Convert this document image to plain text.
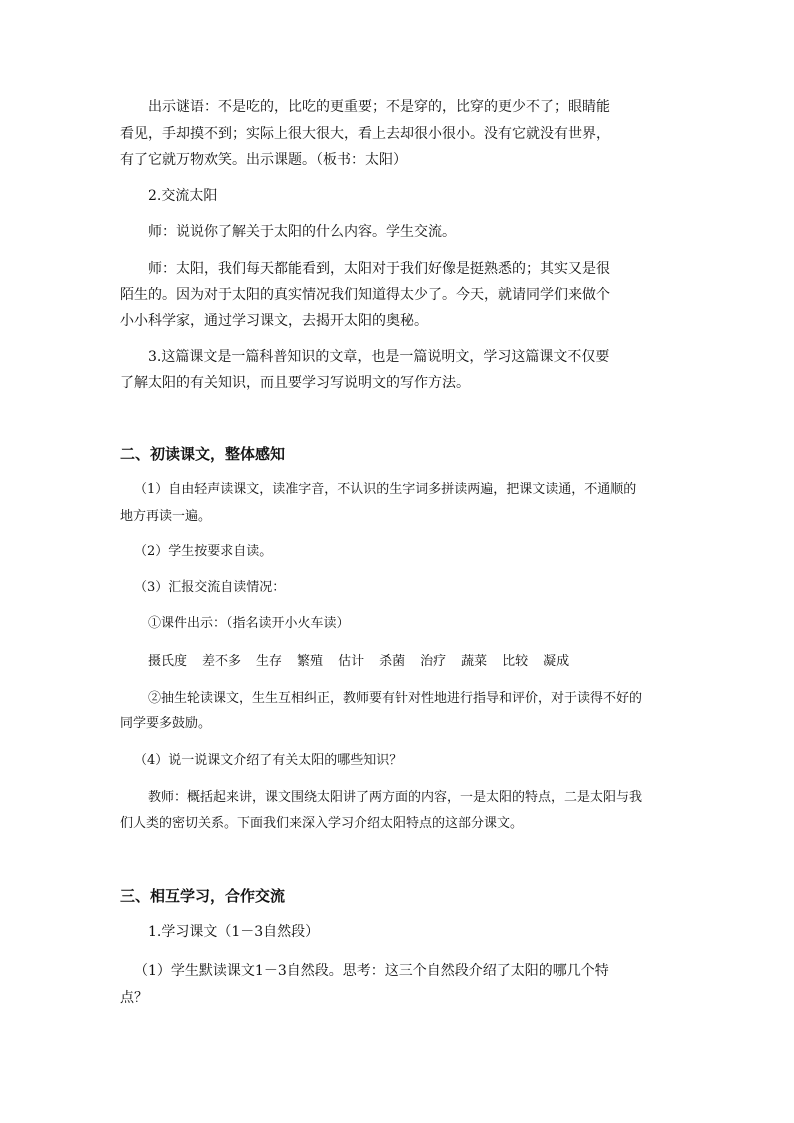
出示谜语：不是吃的，比吃的更重要；不是穿的，比穿的更少不了；眼睛能
看见，手却摸不到；实际上很大很大，看上去却很小很小。没有它就没有世界，
有了它就万物欢笑。出示课题。（板书：太阳）
2.交流太阳
师：说说你了解关于太阳的什么内容。学生交流。
师：太阳，我们每天都能看到，太阳对于我们好像是挺熟悉的；其实又是很
陌生的。因为对于太阳的真实情况我们知道得太少了。今天，就请同学们来做个
小小科学家，通过学习课文，去揭开太阳的奥秘。
3.这篇课文是一篇科普知识的文章，也是一篇说明文，学习这篇课文不仅要
了解太阳的有关知识，而且要学习写说明文的写作方法。
二、初读课文，整体感知
（1）自由轻声读课文，读准字音，不认识的生字词多拼读两遍，把课文读通，不通顺的
地方再读一遍。
（2）学生按要求自读。
（3）汇报交流自读情况：
①课件出示：（指名读开小火车读）
摄氏度 差不多 生存 繁殖 估计 杀菌 治疗 蔬菜 比较 凝成
②抽生轮读课文，生生互相纠正，教师要有针对性地进行指导和评价，对于读得不好的
同学要多鼓励。
（4）说一说课文介绍了有关太阳的哪些知识？
教师：概括起来讲，课文围绕太阳讲了两方面的内容，一是太阳的特点，二是太阳与我
们人类的密切关系。下面我们来深入学习介绍太阳特点的这部分课文。
三、相互学习，合作交流
1.学习课文（1－3自然段）
（1）学生默读课文1－3自然段。思考：这三个自然段介绍了太阳的哪几个特
点？
